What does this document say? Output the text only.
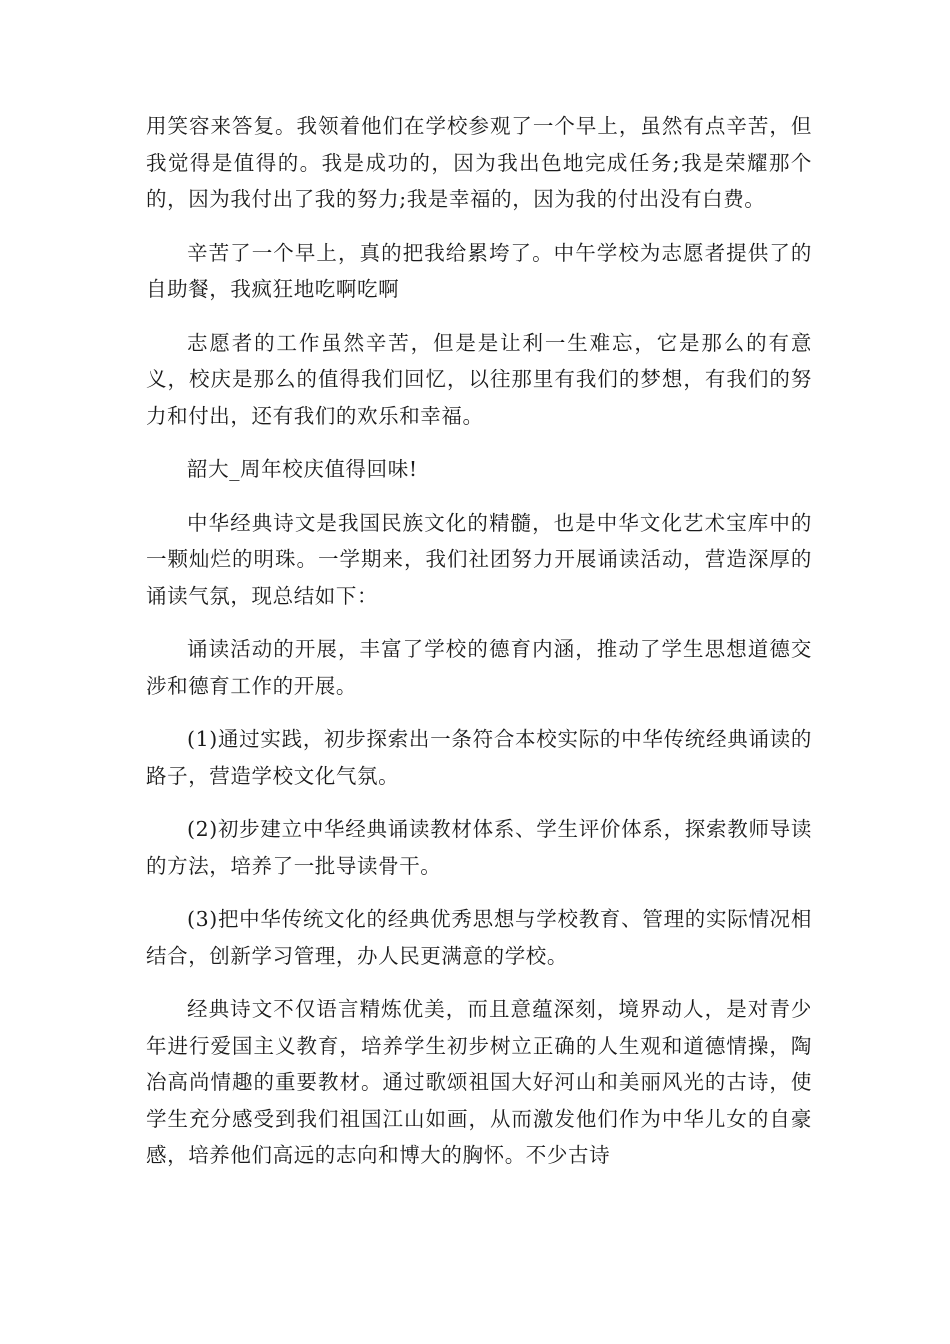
用笑容来答复。我领着他们在学校参观了一个早上，虽然有点辛苦，但我觉得是值得的。我是成功的，因为我出色地完成任务;我是荣耀那个的，因为我付出了我的努力;我是幸福的，因为我的付出没有白费。

辛苦了一个早上，真的把我给累垮了。中午学校为志愿者提供了的自助餐，我疯狂地吃啊吃啊

志愿者的工作虽然辛苦，但是是让利一生难忘，它是那么的有意义，校庆是那么的值得我们回忆，以往那里有我们的梦想，有我们的努力和付出，还有我们的欢乐和幸福。

韶大_周年校庆值得回味!

中华经典诗文是我国民族文化的精髓，也是中华文化艺术宝库中的一颗灿烂的明珠。一学期来，我们社团努力开展诵读活动，营造深厚的诵读气氛，现总结如下：

诵读活动的开展，丰富了学校的德育内涵，推动了学生思想道德交涉和德育工作的开展。

(1)通过实践，初步探索出一条符合本校实际的中华传统经典诵读的路子，营造学校文化气氛。

(2)初步建立中华经典诵读教材体系、学生评价体系，探索教师导读的方法，培养了一批导读骨干。

(3)把中华传统文化的经典优秀思想与学校教育、管理的实际情况相结合，创新学习管理，办人民更满意的学校。

经典诗文不仅语言精炼优美，而且意蕴深刻，境界动人，是对青少年进行爱国主义教育，培养学生初步树立正确的人生观和道德情操，陶冶高尚情趣的重要教材。通过歌颂祖国大好河山和美丽风光的古诗，使学生充分感受到我们祖国江山如画，从而激发他们作为中华儿女的自豪感，培养他们高远的志向和博大的胸怀。不少古诗
